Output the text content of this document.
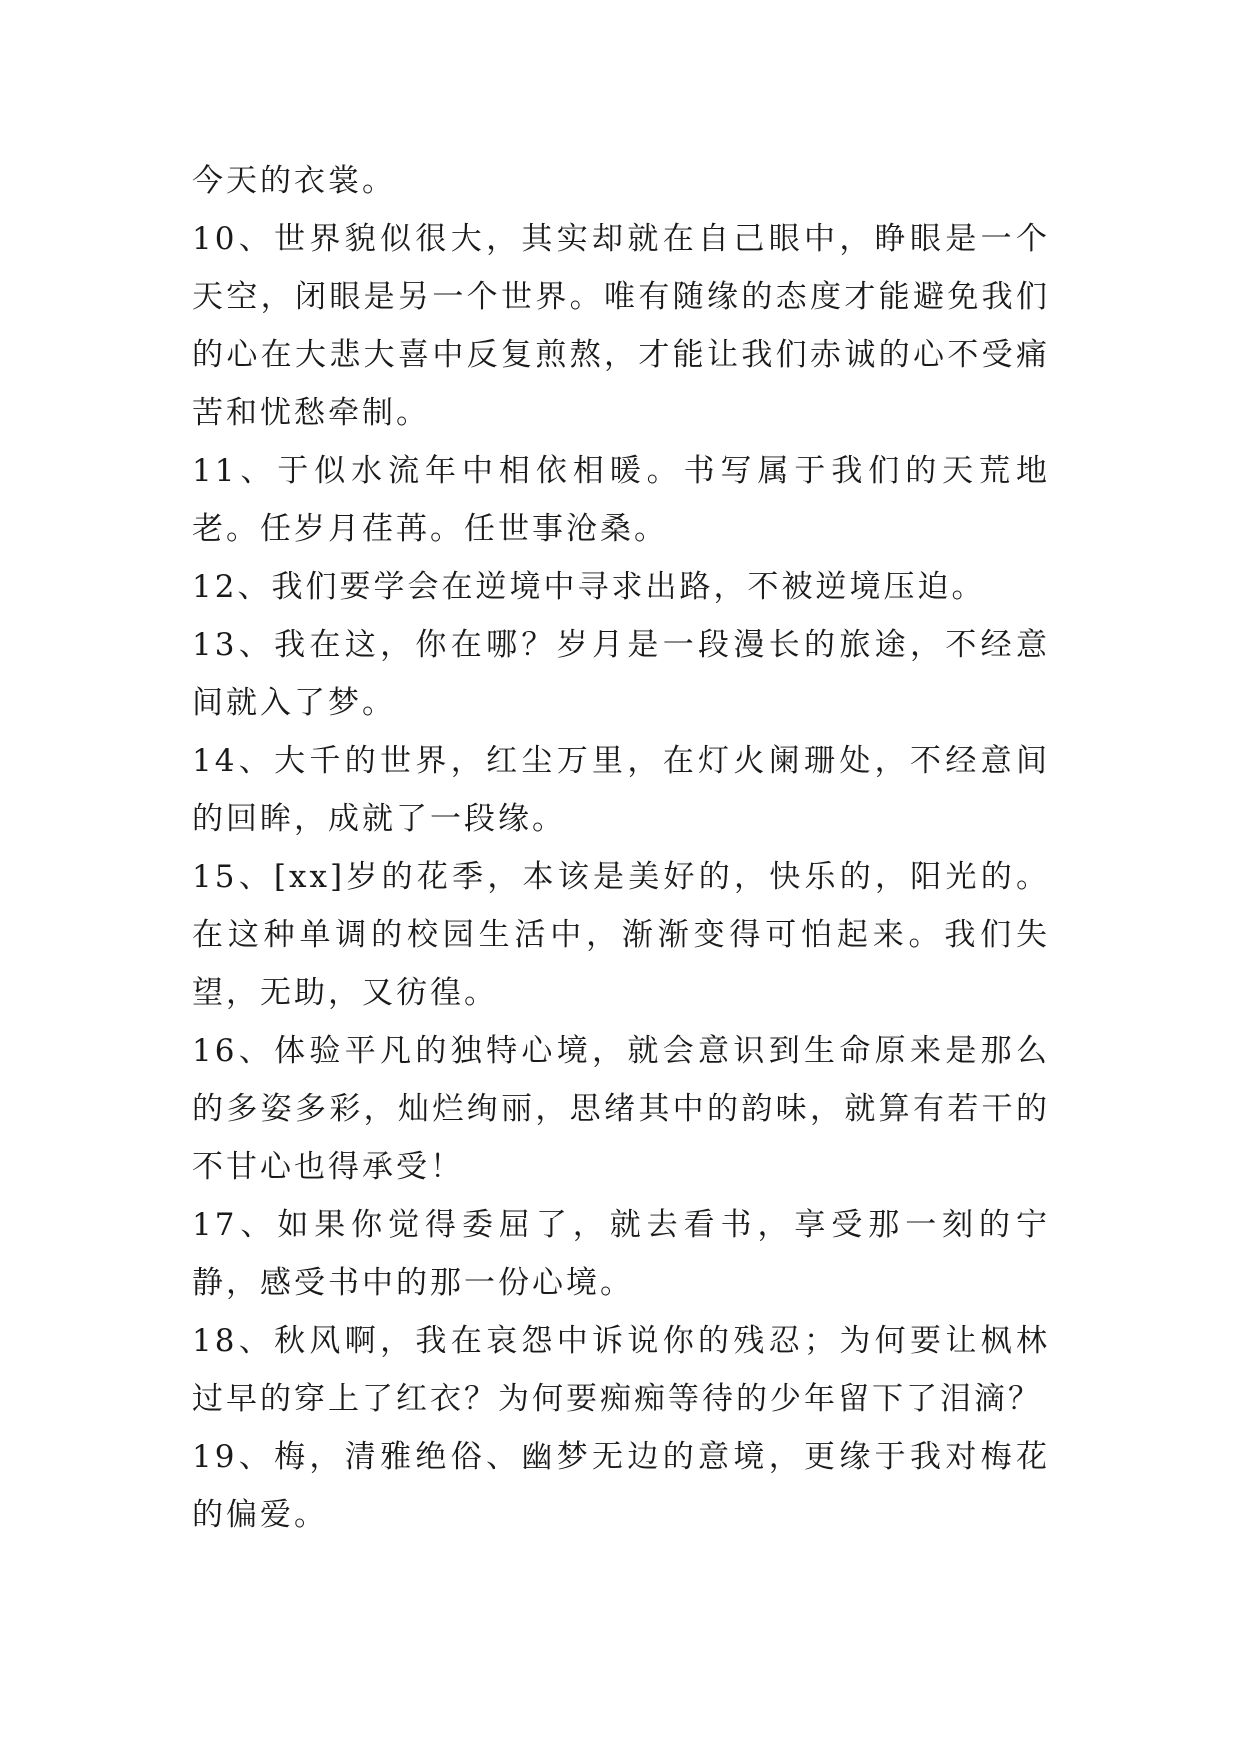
今天的衣裳。

10、世界貌似很大，其实却就在自己眼中，睁眼是一个天空，闭眼是另一个世界。唯有随缘的态度才能避免我们的心在大悲大喜中反复煎熬，才能让我们赤诚的心不受痛苦和忧愁牵制。

11、于似水流年中相依相暖。书写属于我们的天荒地老。任岁月荏苒。任世事沧桑。

12、我们要学会在逆境中寻求出路，不被逆境压迫。

13、我在这，你在哪？岁月是一段漫长的旅途，不经意间就入了梦。

14、大千的世界，红尘万里，在灯火阑珊处，不经意间的回眸，成就了一段缘。

15、[xx]岁的花季，本该是美好的，快乐的，阳光的。在这种单调的校园生活中，渐渐变得可怕起来。我们失望，无助，又彷徨。

16、体验平凡的独特心境，就会意识到生命原来是那么的多姿多彩，灿烂绚丽，思绪其中的韵味，就算有若干的不甘心也得承受！

17、如果你觉得委屈了，就去看书，享受那一刻的宁静，感受书中的那一份心境。

18、秋风啊，我在哀怨中诉说你的残忍；为何要让枫林过早的穿上了红衣？为何要痴痴等待的少年留下了泪滴？

19、梅，清雅绝俗、幽梦无边的意境，更缘于我对梅花的偏爱。
